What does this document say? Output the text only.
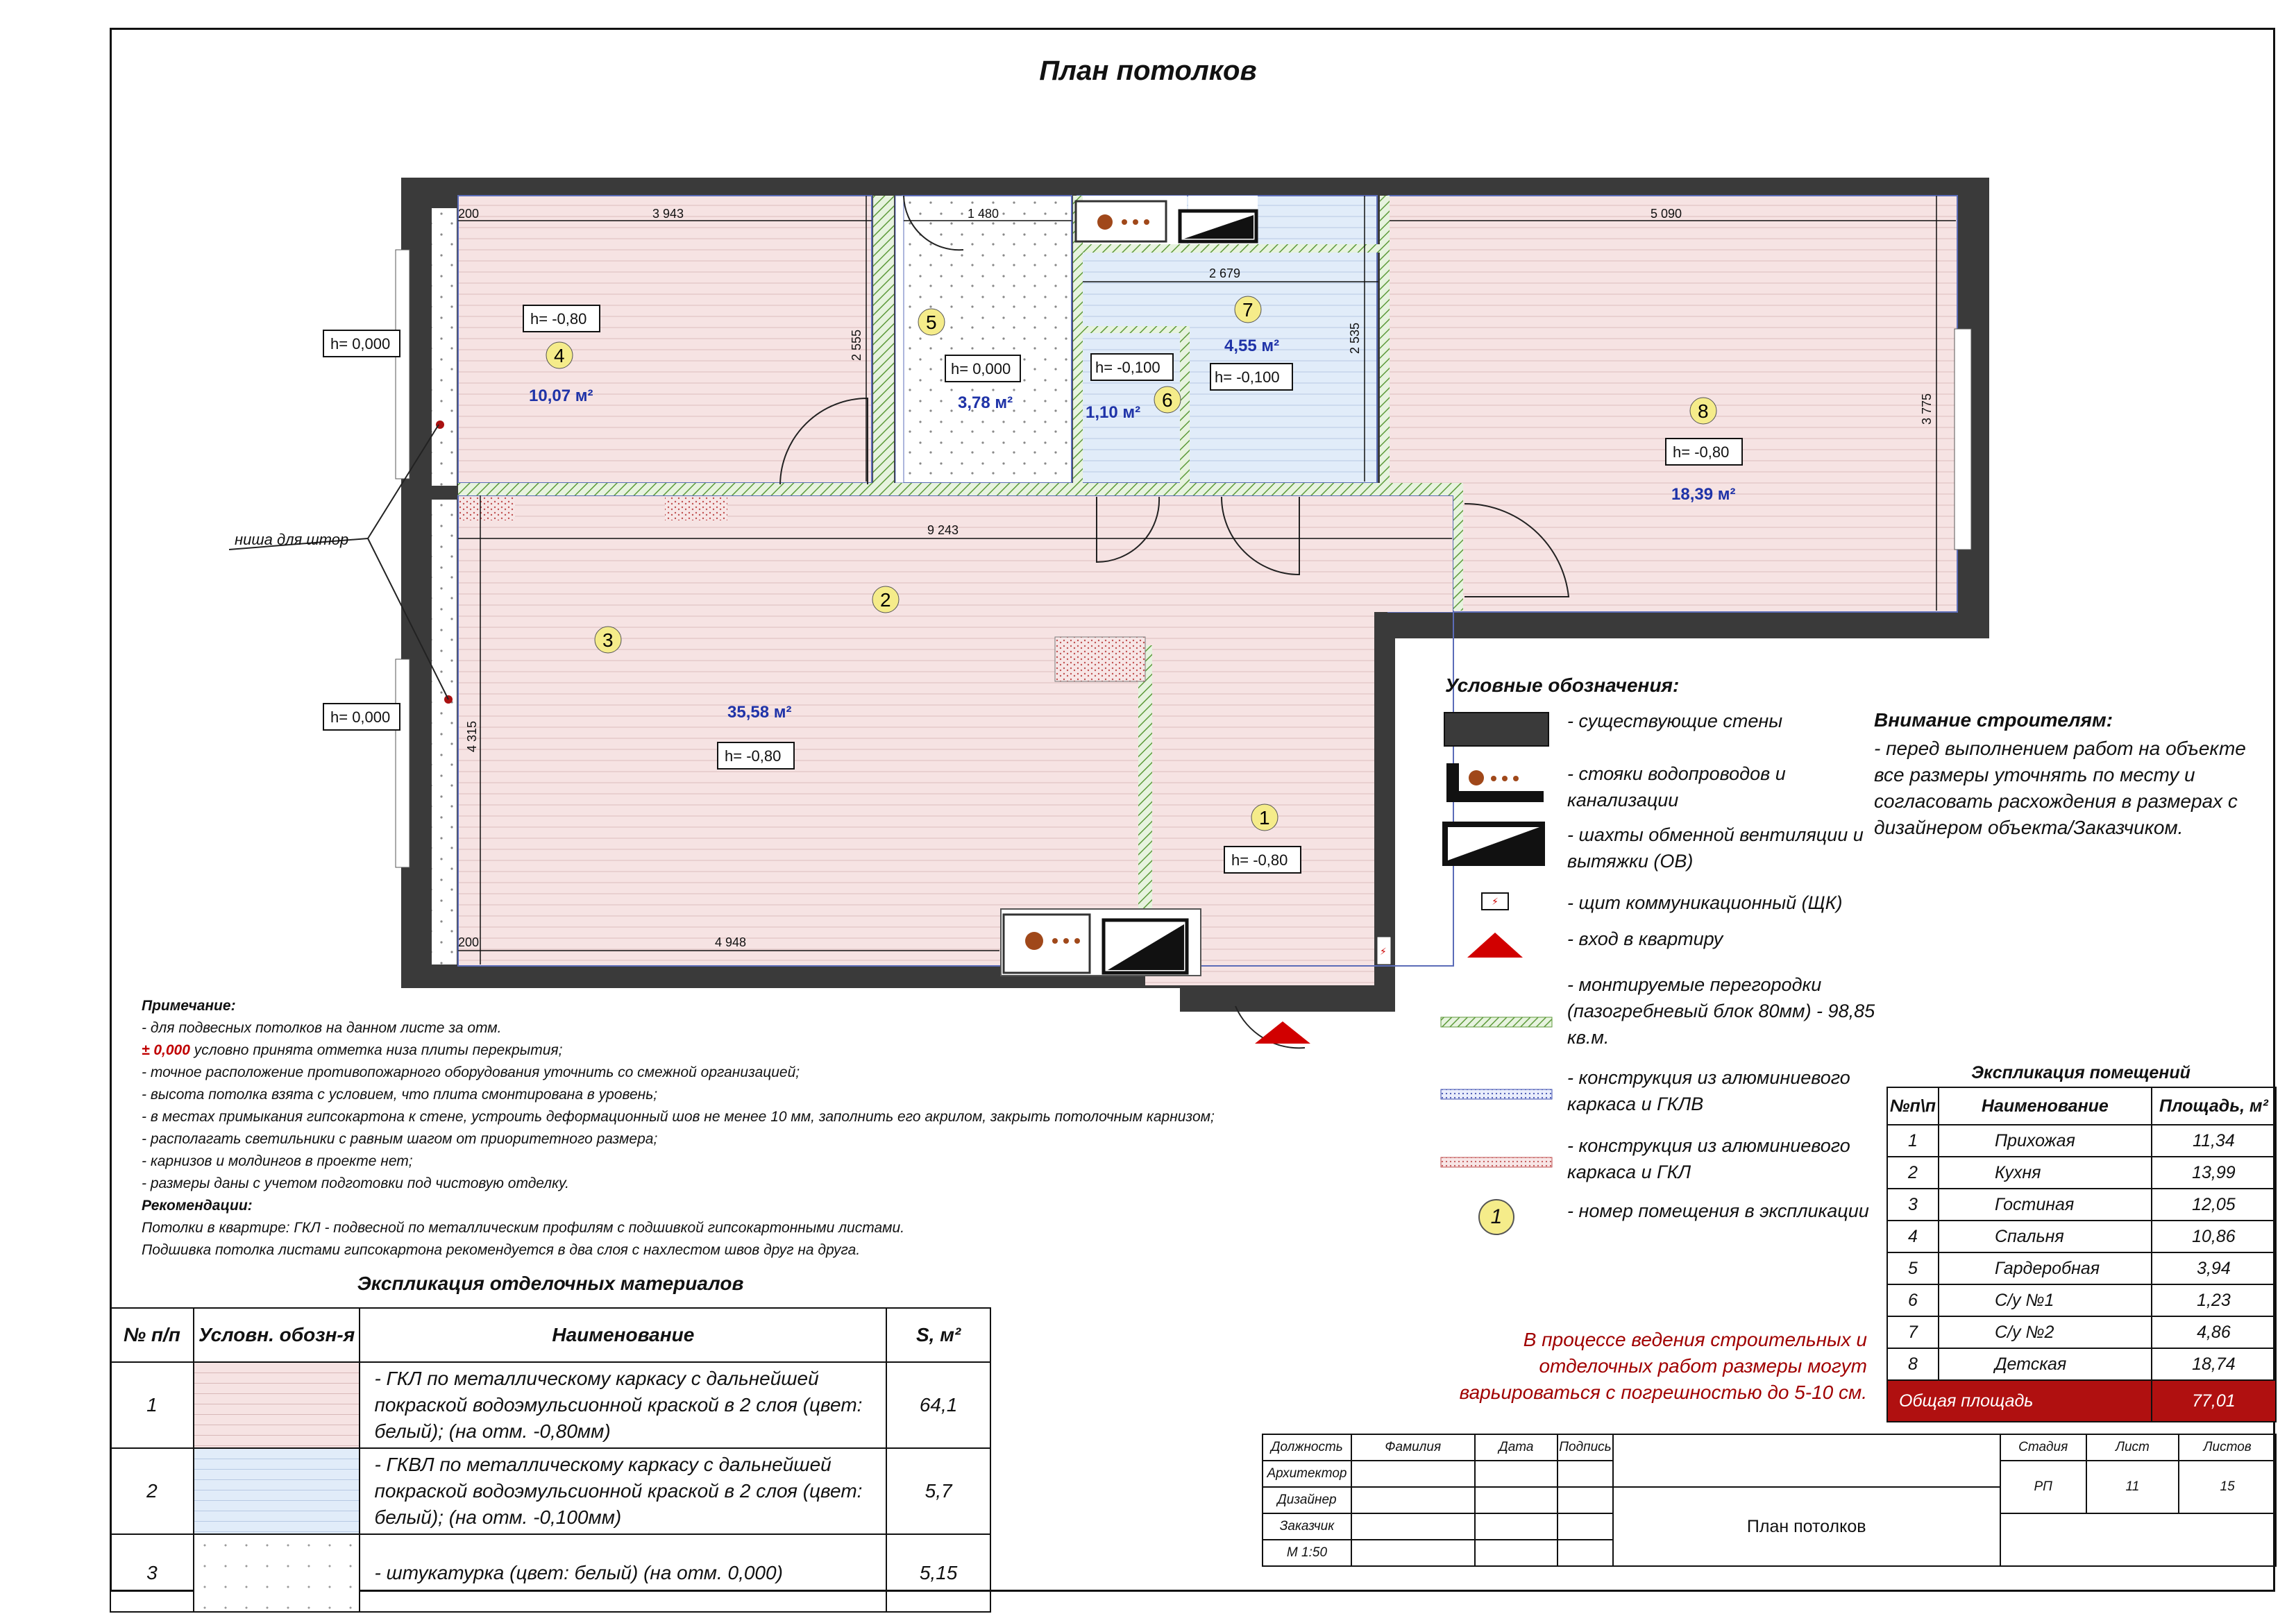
План потолков
⚡
ниша для штор
200	3 943	1 480	5 090
2 679
2 555	2 535
3 775
9 243
4 315
200	4 948
h= -0,80
h= 0,000	h= -0,100
h= -0,100
h= -0,80
h= -0,80
h= -0,80
h= 0,000
h= 0,000
1
2
3
4
5
6
7
8
35,58 м²
10,07 м²	3,78 м²
1,10 м²
4,55 м²
18,39 м²
Условные обозначения:
- существующие стены
- стояки водопроводов и канализации
- шахты обменной вентиляции и вытяжки (ОВ)
⚡	- щит коммуникационный (ЩК)
- вход в квартиру
- монтируемые перегородки (пазогребневый блок 80мм) - 98,85 кв.м.
- конструкция из алюминиевого каркаса и ГКЛВ
- конструкция из алюминиевого каркаса и ГКЛ
1	- номер помещения в экспликации
Внимание строителям:
- перед выполнением работ на объекте все размеры уточнять по месту и согласовать расхождения в размерах с дизайнером объекта/Заказчиком.
Примечание:
- для подвесных потолков на данном листе за отм.
± 0,000 условно принята отметка низа плиты перекрытия;
- точное расположение противопожарного оборудования уточнить со смежной организацией;
- высота потолка взята с условием, что плита смонтирована в уровень;
- в местах примыкания гипсокартона к стене, устроить деформационный шов не менее 10 мм, заполнить его акрилом, закрыть потолочным карнизом;
- располагать светильники с равным шагом от приоритетного размера;
- карнизов и молдингов в проекте нет;
- размеры даны с учетом подготовки под чистовую отделку.
Рекомендации:
Потолки в квартире: ГКЛ - подвесной по металлическим профилям с подшивкой гипсокартонными листами.
Подшивка потолка листами гипсокартона рекомендуется в два слоя с нахлестом швов друг на друга.
В процессе ведения строительных и отделочных работ размеры могут варьироваться с погрешностью до 5-10 см.
Экспликация отделочных материалов
№ п/п	Условн. обозн-я	Наименование	S, м²
1		- ГКЛ по металлическому каркасу с дальнейшей покраской водоэмульсионной краской в 2 слоя (цвет: белый); (на отм. -0,80мм)	64,1
2		- ГКВЛ по металлическому каркасу с дальнейшей покраской водоэмульсионной краской в 2 слоя (цвет: белый); (на отм. -0,100мм)	5,7
3		- штукатурка (цвет: белый) (на отм. 0,000)	5,15
Экспликация помещений
№п\п	Наименование	Площадь, м²
1	Прихожая	11,34
2	Кухня	13,99
3	Гостиная	12,05
4	Спальня	10,86
5	Гардеробная	3,94
6	С/у №1	1,23
7	С/у №2	4,86
8	Детская	18,74
Общая площадь		77,01
Должность	Фамилия	Дата	Подпись		Стадия	Лист	Листов
Архитектор					РП	11	15
Дизайнер				План потолков			
Заказчик							
М 1:50							
